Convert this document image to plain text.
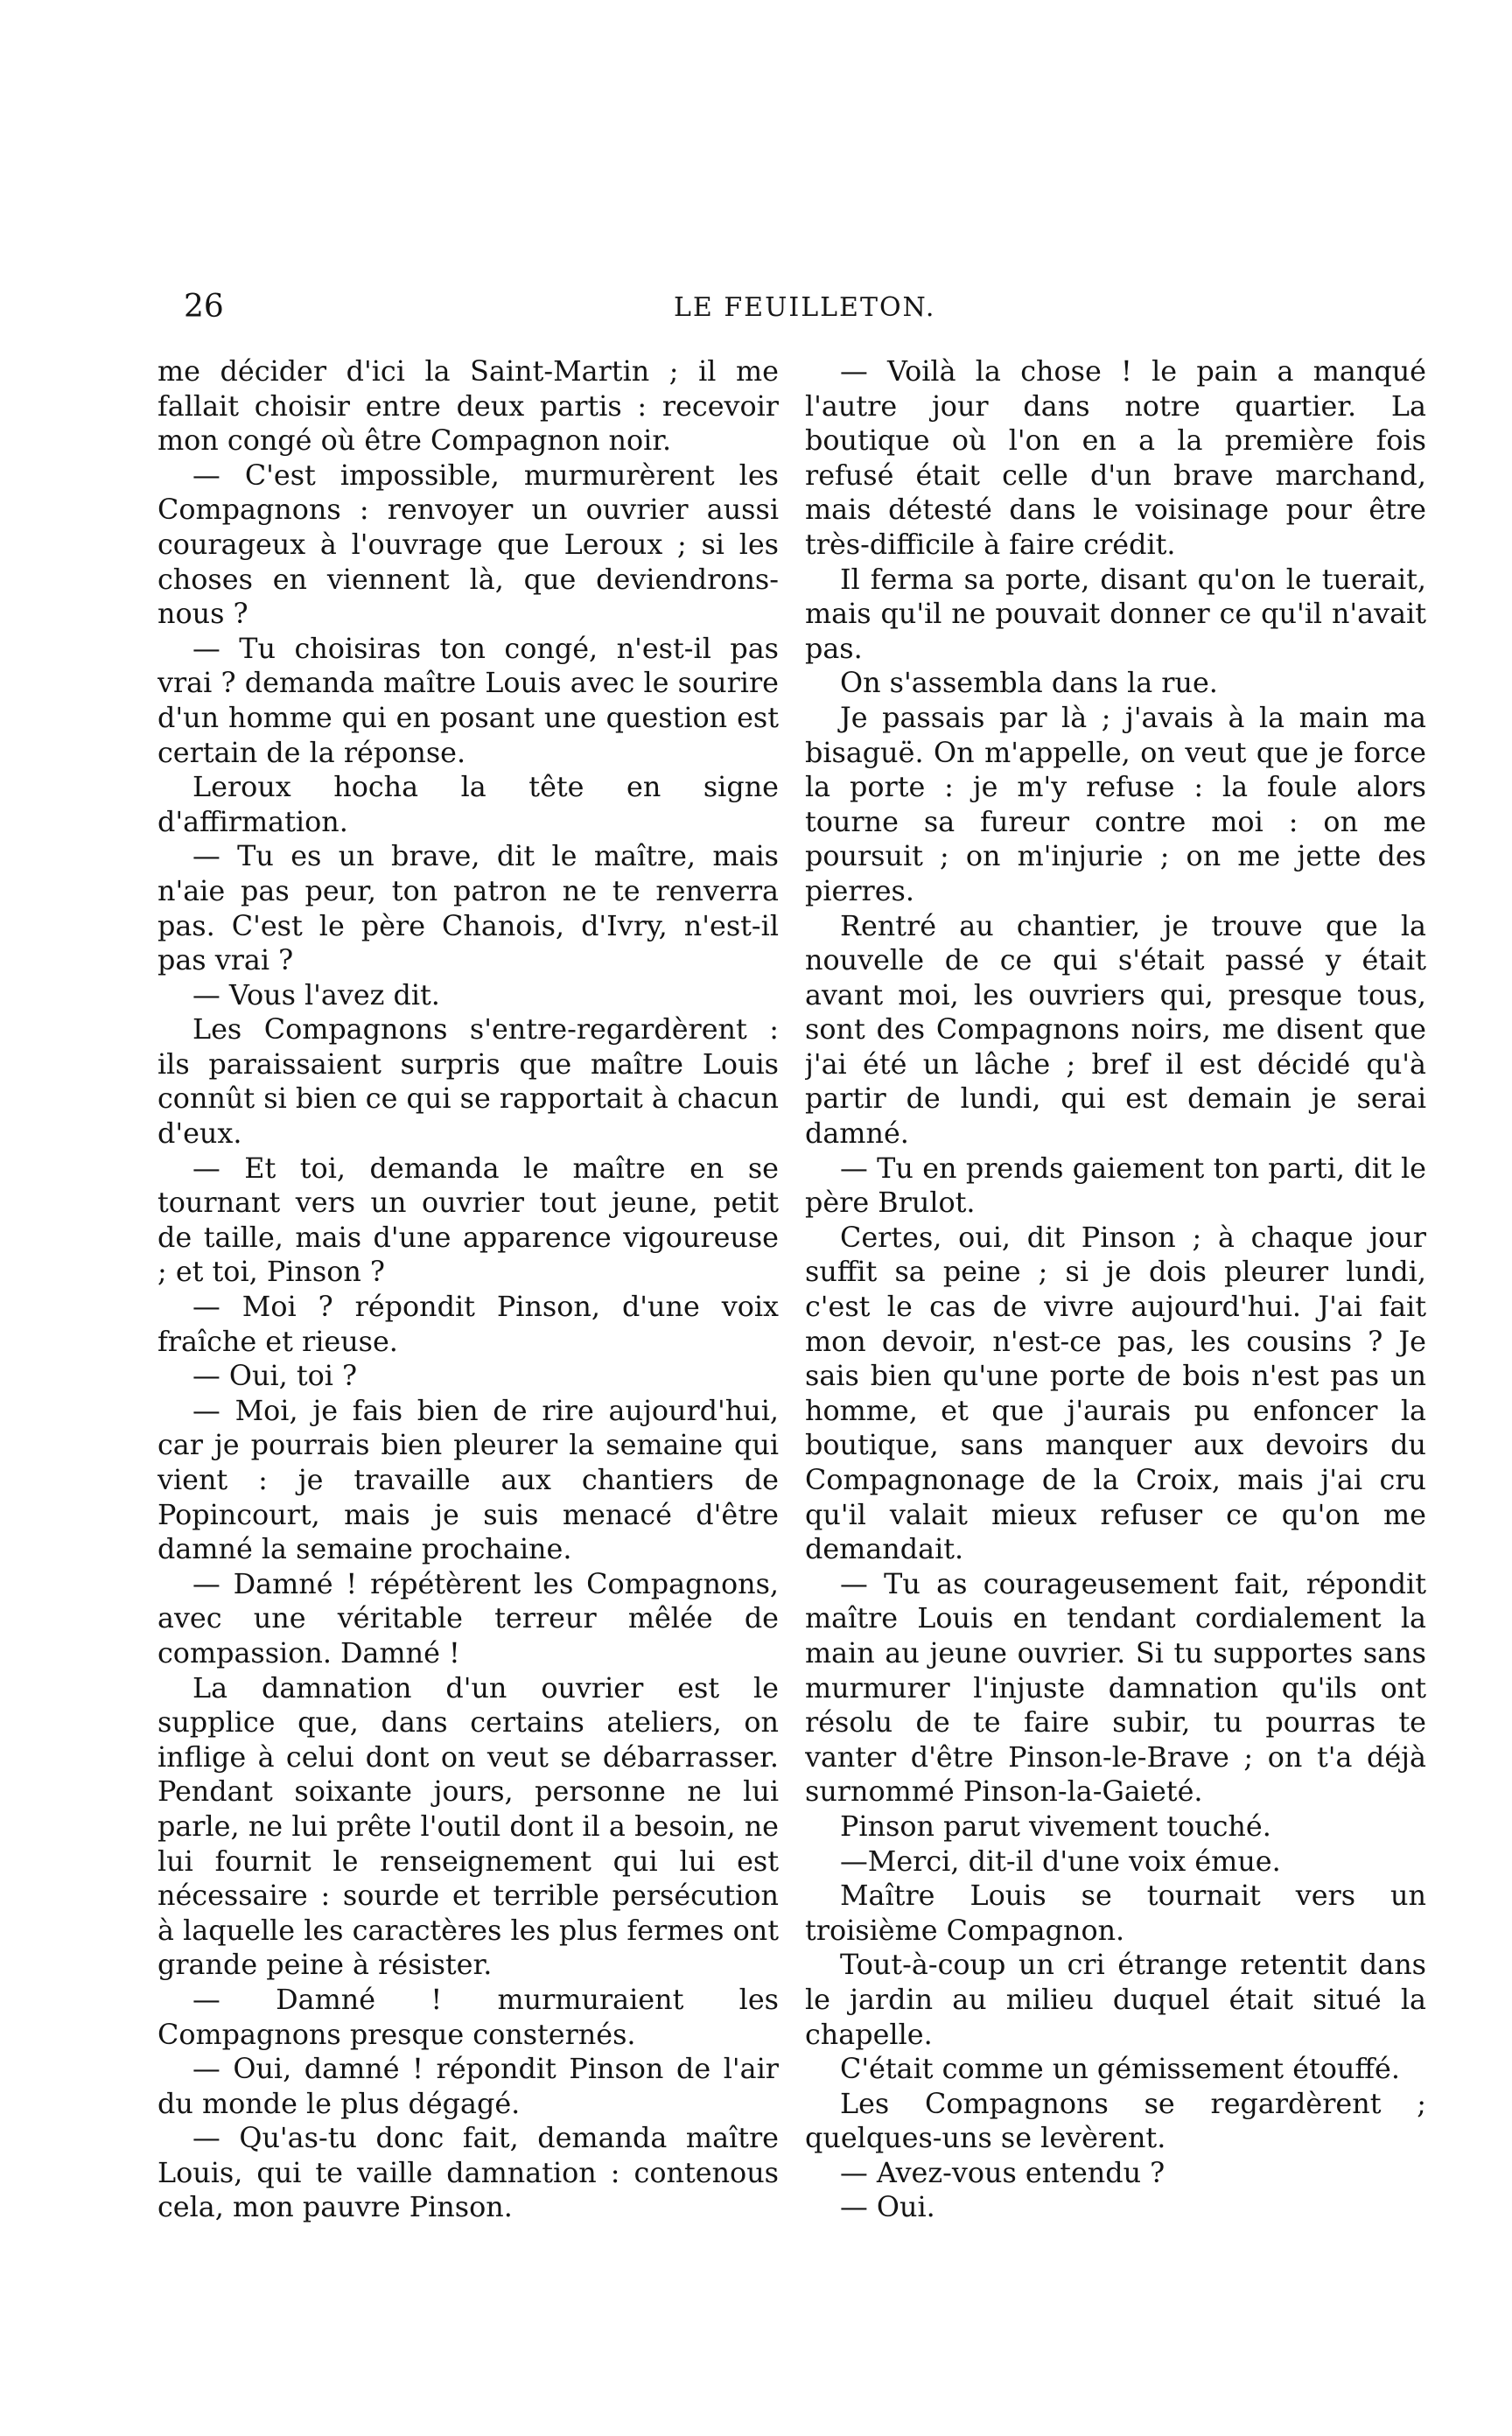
26	LE FEUILLETON.

me décider d'ici la Saint-Martin ; il me fallait choisir entre deux partis : recevoir mon congé où être Compagnon noir.

— C'est impossible, murmurèrent les Compagnons : renvoyer un ouvrier aussi courageux à l'ouvrage que Leroux ; si les choses en viennent là, que deviendrons-nous ?

— Tu choisiras ton congé, n'est-il pas vrai ? demanda maître Louis avec le sourire d'un homme qui en posant une question est certain de la réponse.

Leroux hocha la tête en signe d'affirmation.

— Tu es un brave, dit le maître, mais n'aie pas peur, ton patron ne te renverra pas. C'est le père Chanois, d'Ivry, n'est-il pas vrai ?

— Vous l'avez dit.

Les Compagnons s'entre-regardèrent : ils paraissaient surpris que maître Louis connût si bien ce qui se rapportait à chacun d'eux.

— Et toi, demanda le maître en se tournant vers un ouvrier tout jeune, petit de taille, mais d'une apparence vigoureuse ; et toi, Pinson ?

— Moi ? répondit Pinson, d'une voix fraîche et rieuse.

— Oui, toi ?

— Moi, je fais bien de rire aujourd'hui, car je pourrais bien pleurer la semaine qui vient : je travaille aux chantiers de Popincourt, mais je suis menacé d'être damné la semaine prochaine.

— Damné ! répétèrent les Compagnons, avec une véritable terreur mêlée de compassion. Damné !

La damnation d'un ouvrier est le supplice que, dans certains ateliers, on inflige à celui dont on veut se débarrasser. Pendant soixante jours, personne ne lui parle, ne lui prête l'outil dont il a besoin, ne lui fournit le renseignement qui lui est nécessaire : sourde et terrible persécution à laquelle les caractères les plus fermes ont grande peine à résister.

— Damné ! murmuraient les Compagnons presque consternés.

— Oui, damné ! répondit Pinson de l'air du monde le plus dégagé.

— Qu'as-tu donc fait, demanda maître Louis, qui te vaille damnation : contenous cela, mon pauvre Pinson.

— Voilà la chose ! le pain a manqué l'autre jour dans notre quartier. La boutique où l'on en a la première fois refusé était celle d'un brave marchand, mais détesté dans le voisinage pour être très-difficile à faire crédit.

Il ferma sa porte, disant qu'on le tuerait, mais qu'il ne pouvait donner ce qu'il n'avait pas.

On s'assembla dans la rue.

Je passais par là ; j'avais à la main ma bisaguë. On m'appelle, on veut que je force la porte : je m'y refuse : la foule alors tourne sa fureur contre moi : on me poursuit ; on m'injurie ; on me jette des pierres.

Rentré au chantier, je trouve que la nouvelle de ce qui s'était passé y était avant moi, les ouvriers qui, presque tous, sont des Compagnons noirs, me disent que j'ai été un lâche ; bref il est décidé qu'à partir de lundi, qui est demain je serai damné.

— Tu en prends gaiement ton parti, dit le père Brulot.

Certes, oui, dit Pinson ; à chaque jour suffit sa peine ; si je dois pleurer lundi, c'est le cas de vivre aujourd'hui. J'ai fait mon devoir, n'est-ce pas, les cousins ? Je sais bien qu'une porte de bois n'est pas un homme, et que j'aurais pu enfoncer la boutique, sans manquer aux devoirs du Compagnonage de la Croix, mais j'ai cru qu'il valait mieux refuser ce qu'on me demandait.

— Tu as courageusement fait, répondit maître Louis en tendant cordialement la main au jeune ouvrier. Si tu supportes sans murmurer l'injuste damnation qu'ils ont résolu de te faire subir, tu pourras te vanter d'être Pinson-le-Brave ; on t'a déjà surnommé Pinson-la-Gaieté.

Pinson parut vivement touché.

—Merci, dit-il d'une voix émue.

Maître Louis se tournait vers un troisième Compagnon.

Tout-à-coup un cri étrange retentit dans le jardin au milieu duquel était situé la chapelle.

C'était comme un gémissement étouffé.

Les Compagnons se regardèrent ; quelques-uns se levèrent.

— Avez-vous entendu ?

— Oui.
